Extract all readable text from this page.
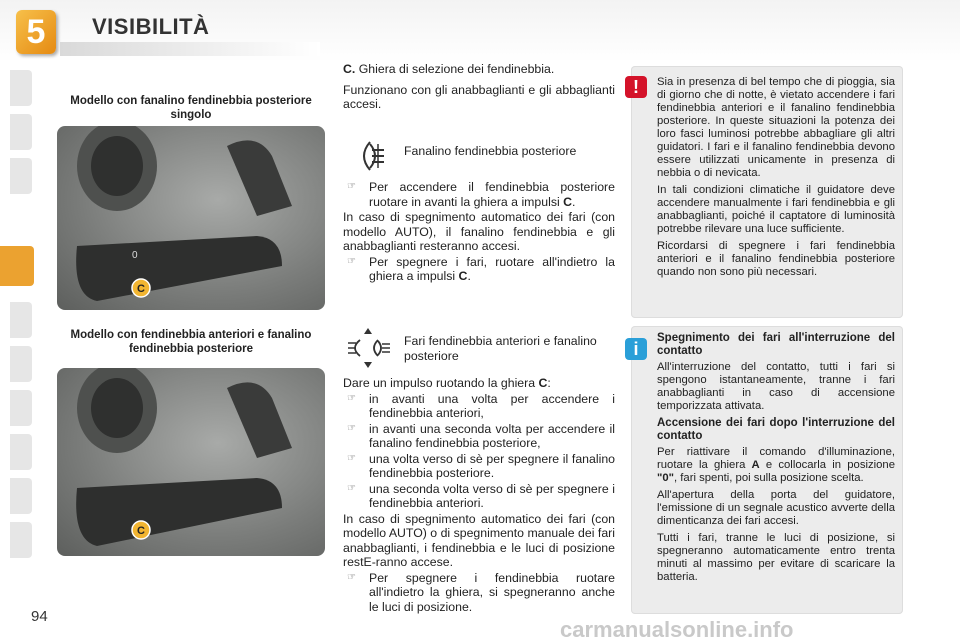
5	VISIBILITÀ
Modello con fanalino fendinebbia posteriore singolo
0
C
Modello con fendinebbia anteriori e fanalino fendinebbia posteriore
C

C. Ghiera di selezione dei fendinebbia.

Funzionano con gli anabbaglianti e gli abbaglianti accesi.

Fanalino fendinebbia posteriore

☞ Per accendere il fendinebbia posteriore ruotare in avanti la ghiera a impulsi C.

In caso di spegnimento automatico dei fari (con modello AUTO), il fanalino fendinebbia e gli anabbaglianti resteranno accesi.

☞ Per spegnere i fari, ruotare all'indietro la ghiera a impulsi C.

Fari fendinebbia anteriori e fanalino posteriore

Dare un impulso ruotando la ghiera C:

☞ in avanti una volta per accendere i fendinebbia anteriori,

☞ in avanti una seconda volta per accendere il fanalino fendinebbia posteriore,

☞ una volta verso di sè per spegnere il fanalino fendinebbia posteriore.

☞ una seconda volta verso di sè per spegnere i fendinebbia anteriori.

In caso di spegnimento automatico dei fari (con modello AUTO) o di spegnimento manuale dei fari anabbaglianti, i fendinebbia e le luci di posizione restE-ranno accese.

☞ Per spegnere i fendinebbia ruotare all'indietro la ghiera, si spegneranno anche le luci di posizione.

Sia in presenza di bel tempo che di pioggia, sia di giorno che di notte, è vietato accendere i fari fendinebbia anteriori e il fanalino fendinebbia posteriore. In queste situazioni la potenza dei loro fasci luminosi potrebbe abbagliare gli altri guidatori. I fari e il fanalino fendinebbia devono essere utilizzati unicamente in presenza di nebbia o di nevicata.

In tali condizioni climatiche il guidatore deve accendere manualmente i fari fendinebbia e gli anabbaglianti, poiché il captatore di luminosità potrebbe rilevare una luce sufficiente.

Ricordarsi di spegnere i fari fendinebbia anteriori e il fanalino fendinebbia posteriore quando non sono più necessari.

!
Spegnimento dei fari all'interruzione del contatto

All'interruzione del contatto, tutti i fari si spengono istantaneamente, tranne i fari anabbaglianti in caso di accensione temporizzata attivata.

Accensione dei fari dopo l'interruzione del contatto

Per riattivare il comando d'illuminazione, ruotare la ghiera A e collocarla in posizione "0", fari spenti, poi sulla posizione scelta.

All'apertura della porta del guidatore, l'emissione di un segnale acustico avverte della dimenticanza dei fari accesi.

Tutti i fari, tranne le luci di posizione, si spegneranno automaticamente entro trenta minuti al massimo per evitare di scaricare la batteria.

i
94
carmanualsonline.info
